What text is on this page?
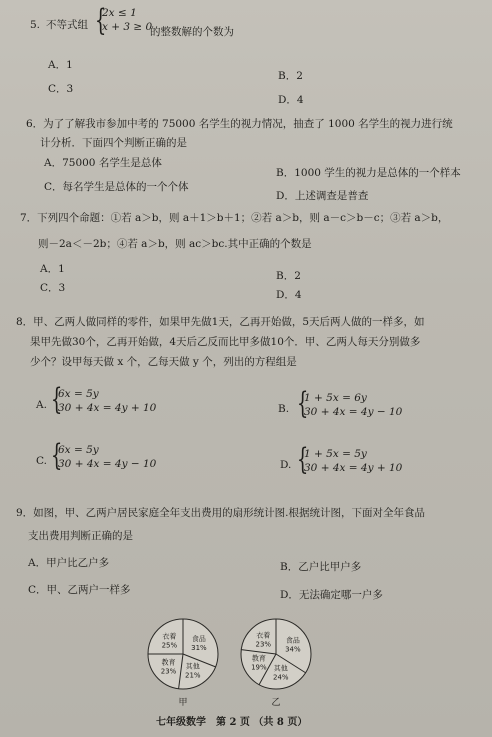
5. 不等式组 {
2x ≤ 1
x + 3 ≥ 0
的整数解的个数为
A．1
B．2
C．3
D．4
6．为了了解我市参加中考的 75000 名学生的视力情况，抽查了 1000 名学生的视力进行统
计分析．下面四个判断正确的是
A．75000 名学生是总体
B．1000 学生的视力是总体的一个样本
C．每名学生是总体的一个个体
D．上述调查是普查
7．下列四个命题：①若 a＞b，则 a＋1＞b＋1；②若 a＞b，则 a－c＞b－c；③若 a＞b，
则－2a＜－2b；④若 a＞b，则 ac＞bc.其中正确的个数是
A．1
B．2
C．3
D．4
8．甲、乙两人做同样的零件，如果甲先做1天，乙再开始做，5天后两人做的一样多，如
果甲先做30个，乙再开始做，4天后乙反而比甲多做10个．甲、乙两人每天分别做多
少个？设甲每天做 x 个，乙每天做 y 个，列出的方程组是
A. {
6x = 5y
30 + 4x = 4y + 10	B. {
1 + 5x = 6y
30 + 4x = 4y − 10
C. {
6x = 5y
30 + 4x = 4y − 10	D. {
1 + 5x = 5y
30 + 4x = 4y + 10
9．如图，甲、乙两户居民家庭全年支出费用的扇形统计图.根据统计图，下面对全年食品
支出费用判断正确的是
A．甲户比乙户多	B．乙户比甲户多
C．甲、乙两户一样多	D．无法确定哪一户多
食品
31%
其他
21%
教育
23%
衣着
25%
甲
食品
34%
其他
24%
教育
19%
衣着
23%
乙
七年级数学　第 2 页 （共 8 页）
